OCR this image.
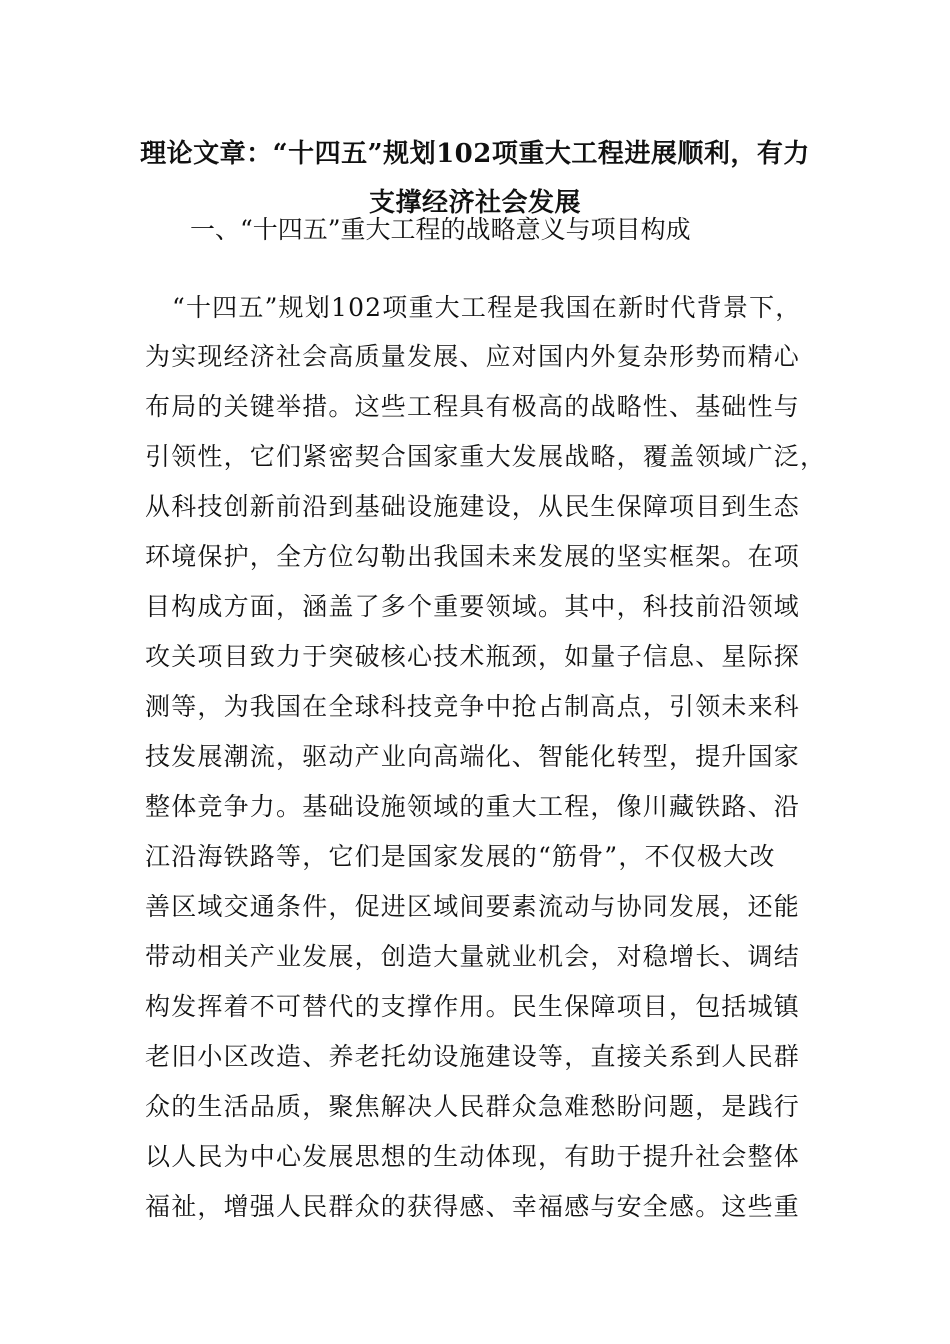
理论文章：“十四五”规划102项重大工程进展顺利，有力
支撑经济社会发展
一、“十四五”重大工程的战略意义与项目构成
“十四五”规划102项重大工程是我国在新时代背景下，
为实现经济社会高质量发展、应对国内外复杂形势而精心
布局的关键举措。这些工程具有极高的战略性、基础性与
引领性，它们紧密契合国家重大发展战略，覆盖领域广泛，
从科技创新前沿到基础设施建设，从民生保障项目到生态
环境保护，全方位勾勒出我国未来发展的坚实框架。在项
目构成方面，涵盖了多个重要领域。其中，科技前沿领域
攻关项目致力于突破核心技术瓶颈，如量子信息、星际探
测等，为我国在全球科技竞争中抢占制高点，引领未来科
技发展潮流，驱动产业向高端化、智能化转型，提升国家
整体竞争力。基础设施领域的重大工程，像川藏铁路、沿
江沿海铁路等，它们是国家发展的“筋骨”，不仅极大改
善区域交通条件，促进区域间要素流动与协同发展，还能
带动相关产业发展，创造大量就业机会，对稳增长、调结
构发挥着不可替代的支撑作用。民生保障项目，包括城镇
老旧小区改造、养老托幼设施建设等，直接关系到人民群
众的生活品质，聚焦解决人民群众急难愁盼问题，是践行
以人民为中心发展思想的生动体现，有助于提升社会整体
福祉，增强人民群众的获得感、幸福感与安全感。这些重
